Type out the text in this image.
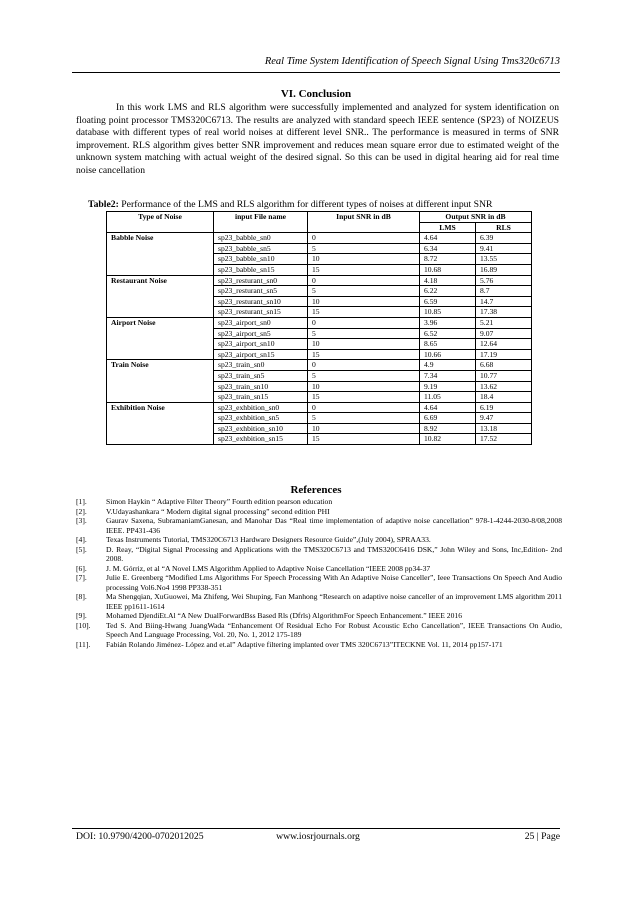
Real Time System Identification of Speech Signal Using Tms320c6713
VI. Conclusion
In this work LMS and RLS algorithm were successfully implemented and analyzed for system identification on floating point processor TMS320C6713. The results are analyzed with standard speech IEEE sentence (SP23) of NOIZEUS database with different types of real world noises at different level SNR.. The performance is measured in terms of SNR improvement. RLS algorithm gives better SNR improvement and reduces mean square error due to estimated weight of the unknown system matching with actual weight of the desired signal. So this can be used in digital hearing aid for real time noise cancellation
Table2: Performance of the LMS and RLS algorithm for different types of noises at different input SNR
Type of Noise	input File name	Input SNR in dB	Output SNR in dB	
			LMS	RLS
Babble Noise	sp23_babble_sn0	0	4.64	6.39
	sp23_babble_sn5	5	6.34	9.41
	sp23_babble_sn10	10	8.72	13.55
	sp23_babble_sn15	15	10.68	16.89
Restaurant Noise	sp23_resturant_sn0	0	4.18	5.76
	sp23_resturant_sn5	5	6.22	8.7
	sp23_resturant_sn10	10	6.59	14.7
	sp23_resturant_sn15	15	10.85	17.38
Airport Noise	sp23_airport_sn0	0	3.96	5.21
	sp23_airport_sn5	5	6.52	9.07
	sp23_airport_sn10	10	8.65	12.64
	sp23_airport_sn15	15	10.66	17.19
Train Noise	sp23_train_sn0	0	4.9	6.68
	sp23_train_sn5	5	7.34	10.77
	sp23_train_sn10	10	9.19	13.62
	sp23_train_sn15	15	11.05	18.4
Exhibition Noise	sp23_exhbition_sn0	0	4.64	6.19
	sp23_exhbition_sn5	5	6.69	9.47
	sp23_exhbition_sn10	10	8.92	13.18
	sp23_exhbition_sn15	15	10.82	17.52
References
[1].	Simon Haykin “ Adaptive Filter Theory” Fourth edition pearson education
[2].	V.Udayashankara “ Modern digital signal processing” second edition PHI
[3].	Gaurav Saxena, SubramaniamGanesan, and Manohar Das “Real time implementation of adaptive noise cancellation” 978-1-4244-2030-8/08,2008 IEEE. PP431-436
[4].	Texas Instruments Tutorial, TMS320C6713 Hardware Designers Resource Guide”,(July 2004), SPRAA33.
[5].	D. Reay, “Digital Signal Processing and Applications with the TMS320C6713 and TMS320C6416 DSK,” John Wiley and Sons, Inc,Edition- 2nd 2008.
[6].	J. M. Górriz, et al “A Novel LMS Algorithm Applied to Adaptive Noise Cancellation “IEEE 2008 pp34-37
[7].	Julie E. Greenberg “Modified Lms Algorithms For Speech Processing With An Adaptive Noise Canceller”, Ieee Transactions On Speech And Audio processing Vol6.No4 1998 PP338-351
[8].	Ma Shengqian, XuGuowei, Ma Zhifeng, Wei Shuping, Fan Manhong “Research on adaptive noise canceller of an improvement LMS algorithm 2011 IEEE pp1611-1614
[9].	Mohamed DjendiEt.Al “A New DualForwardBss Based Rls (Dfrls) AlgorithmFor Speech Enhancement.” IEEE 2016
[10].	Ted S. And Biing-Hwang JuangWada “Enhancement Of Residual Echo For Robust Acoustic Echo Cancellation”, IEEE Transactions On Audio, Speech And Language Processing, Vol. 20, No. 1, 2012 175-189
[11].	Fabián Rolando Jiménez- López and et.al” Adaptive filtering implanted over TMS 320C6713”ITECKNE Vol. 11, 2014 pp157-171
DOI: 10.9790/4200-0702012025	www.iosrjournals.org	25 | Page
